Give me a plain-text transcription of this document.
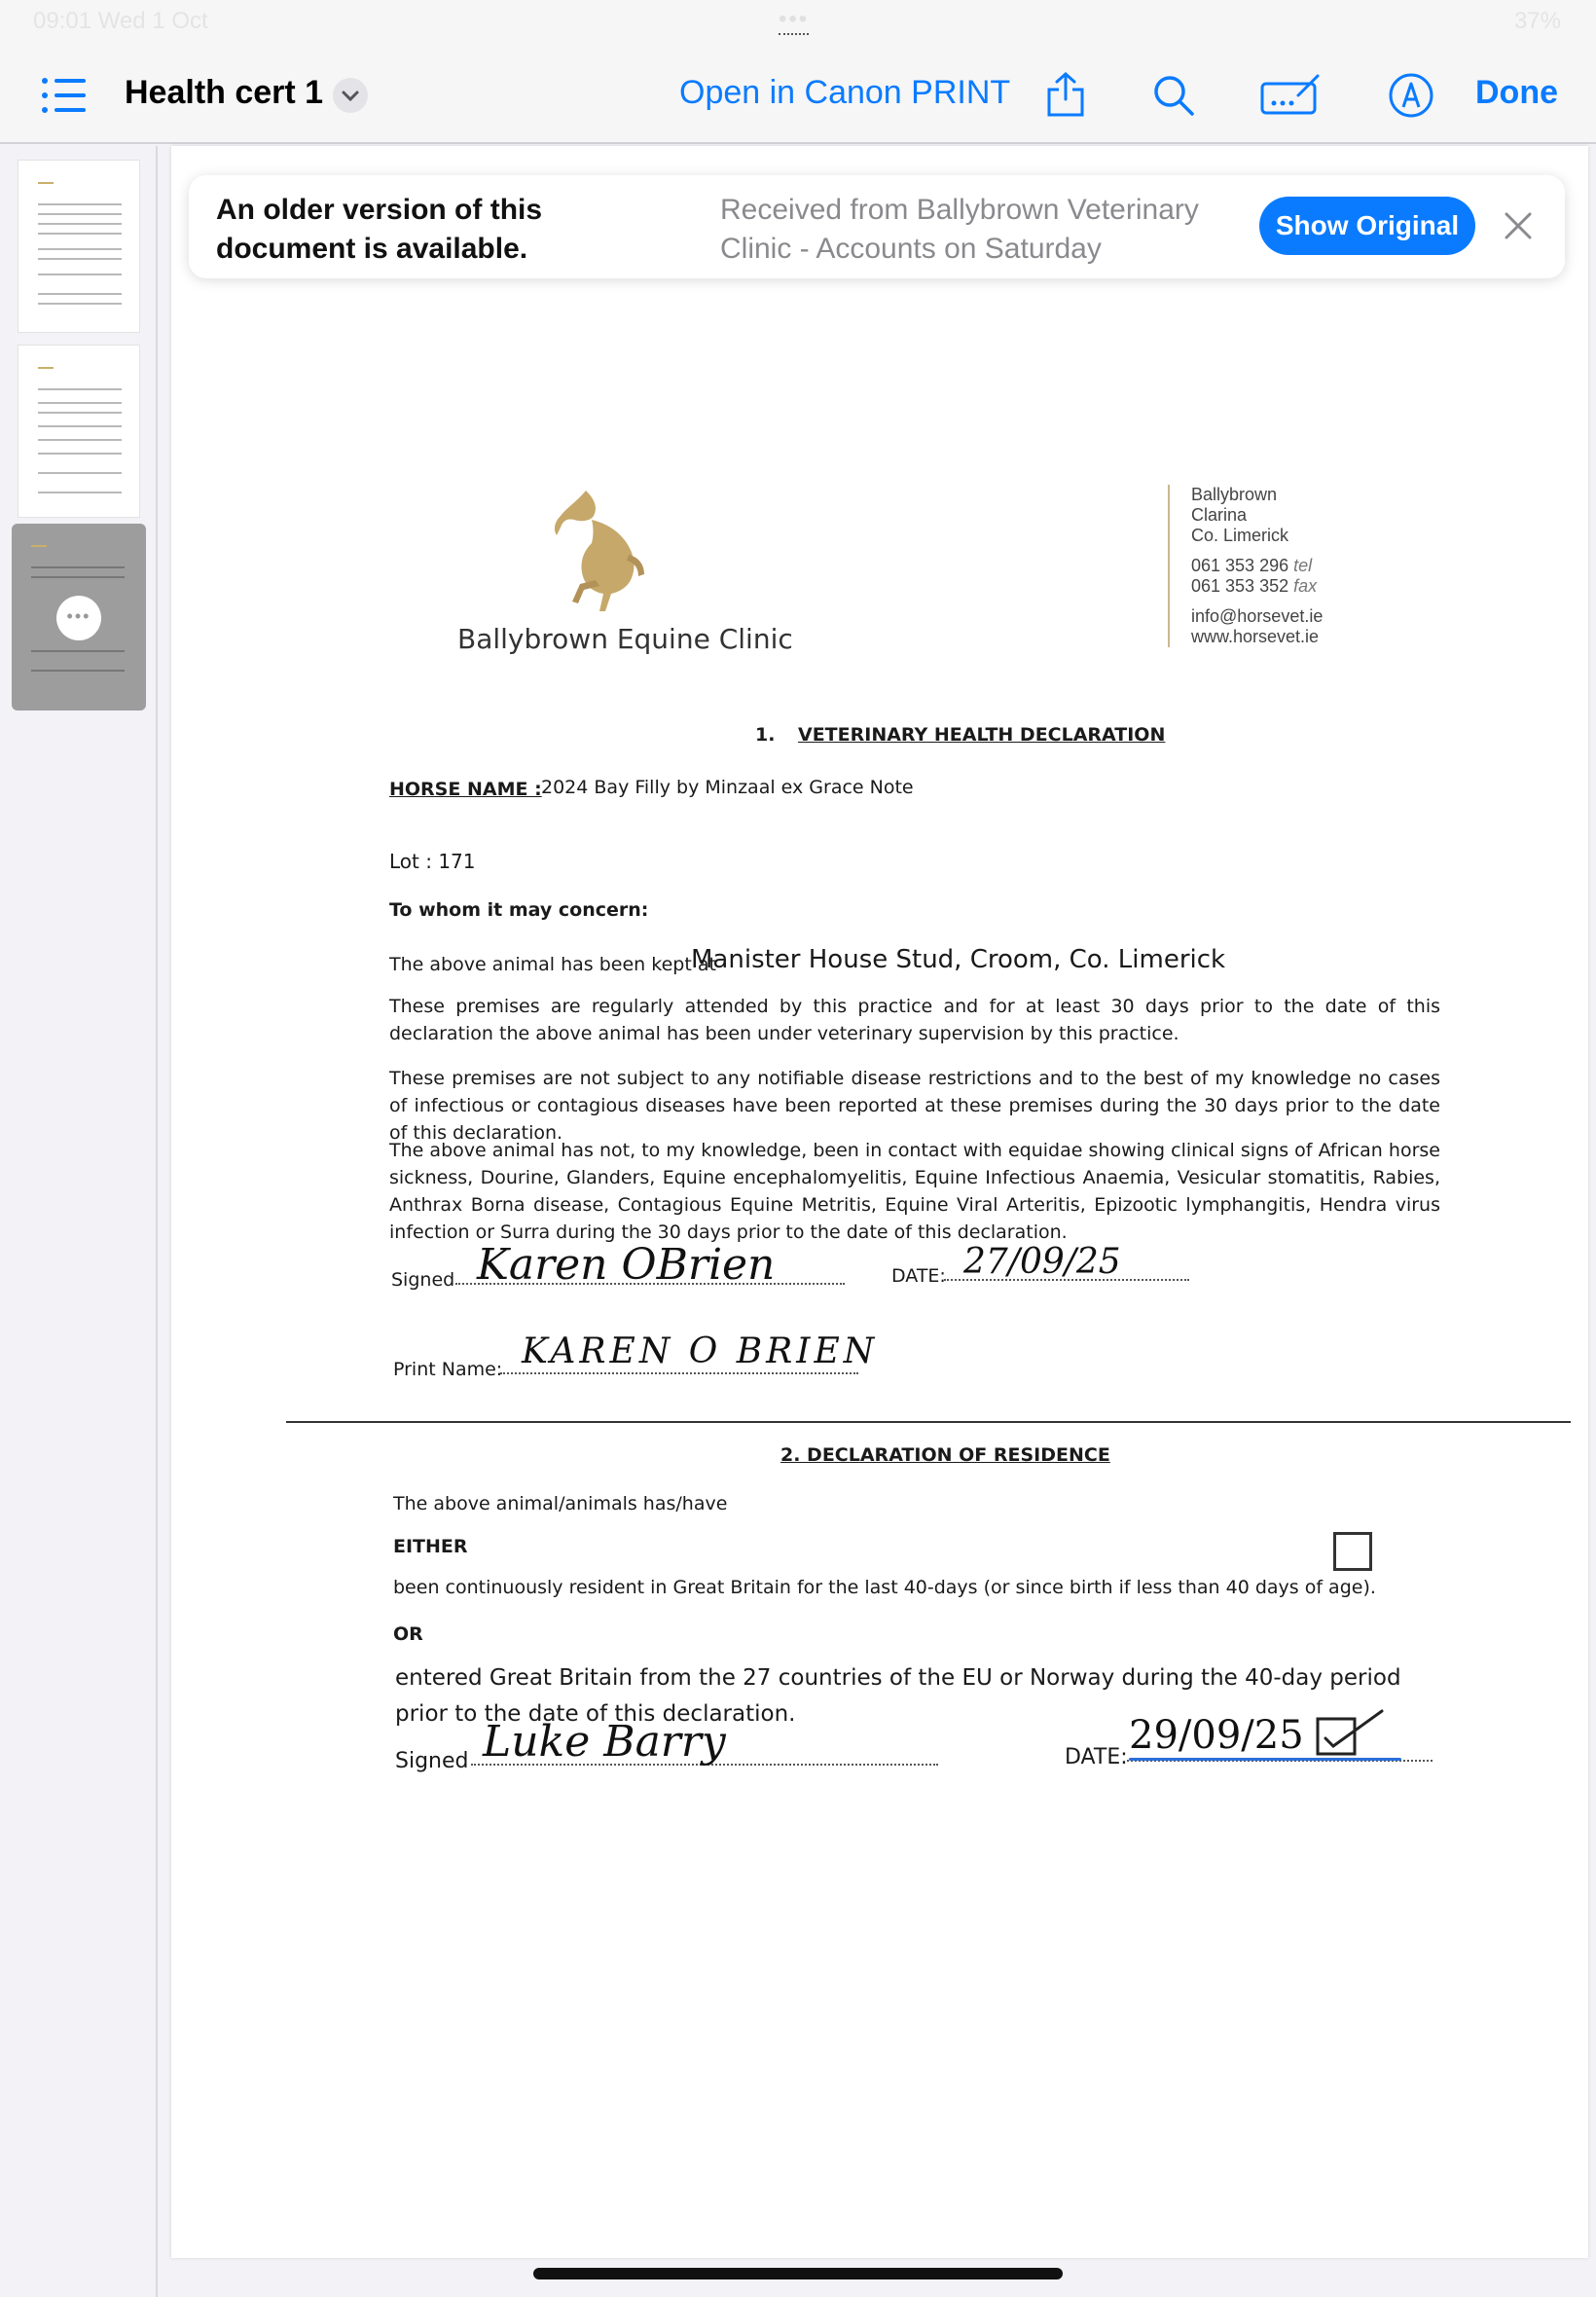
09:01 Wed 1 Oct	•••	37%
Health cert 1	Open in Canon PRINT	Done
•••
An older version of this document is available.
Received from Ballybrown Veterinary Clinic - Accounts on Saturday
Show Original
Ballybrown Equine Clinic
Ballybrown
Clarina
Co. Limerick
061 353 296 tel
061 353 352 fax
info@horsevet.ie
www.horsevet.ie
1. VETERINARY HEALTH DECLARATION
HORSE NAME : 2024 Bay Filly by Minzaal ex Grace Note
Lot : 171
To whom it may concern:
The above animal has been kept at
Manister House Stud, Croom, Co. Limerick
These premises are regularly attended by this practice and for at least 30 days prior to the date of this declaration the above animal has been under veterinary supervision by this practice.
These premises are not subject to any notifiable disease restrictions and to the best of my knowledge no cases of infectious or contagious diseases have been reported at these premises during the 30 days prior to the date of this declaration.
The above animal has not, to my knowledge, been in contact with equidae showing clinical signs of African horse sickness, Dourine, Glanders, Equine encephalomyelitis, Equine Infectious Anaemia, Vesicular stomatitis, Rabies, Anthrax Borna disease, Contagious Equine Metritis, Equine Viral Arteritis, Epizootic lymphangitis, Hendra virus infection or Surra during the 30 days prior to the date of this declaration.
Signed Karen OBrien	DATE: 27/09/25
Print Name: KAREN O BRIEN
2. DECLARATION OF RESIDENCE
The above animal/animals has/have
EITHER
been continuously resident in Great Britain for the last 40-days (or since birth if less than 40 days of age).
OR
entered Great Britain from the 27 countries of the EU or Norway during the 40-day period prior to the date of this declaration.
Signed Luke Barry	DATE: 29/09/25
